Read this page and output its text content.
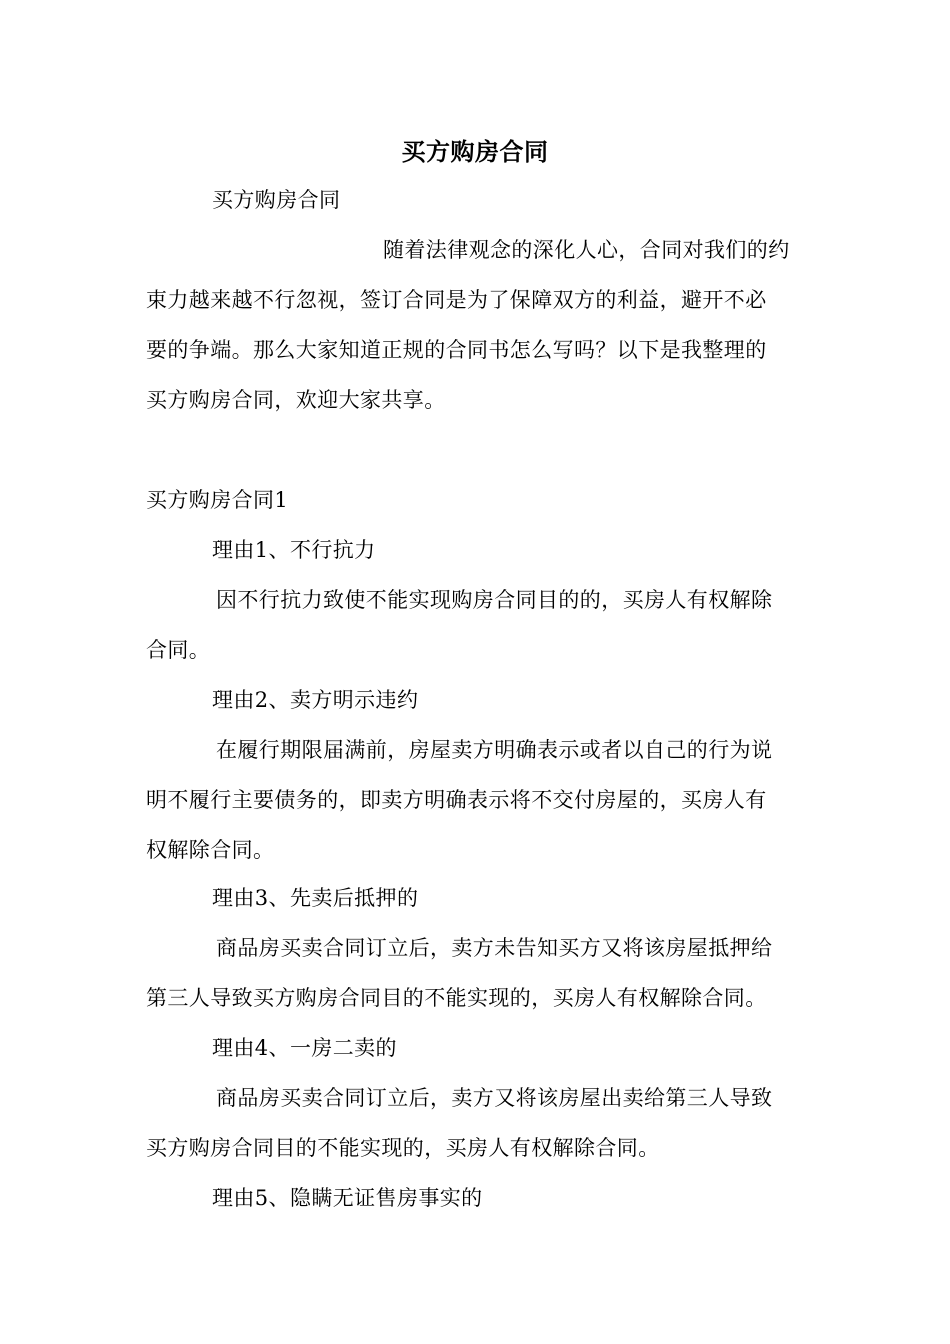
买方购房合同
买方购房合同
随着法律观念的深化人心，合同对我们的约
束力越来越不行忽视，签订合同是为了保障双方的利益，避开不必
要的争端。那么大家知道正规的合同书怎么写吗？以下是我整理的
买方购房合同，欢迎大家共享。
买方购房合同1
理由1、不行抗力
因不行抗力致使不能实现购房合同目的的，买房人有权解除
合同。
理由2、卖方明示违约
在履行期限届满前，房屋卖方明确表示或者以自己的行为说
明不履行主要债务的，即卖方明确表示将不交付房屋的，买房人有
权解除合同。
理由3、先卖后抵押的
商品房买卖合同订立后，卖方未告知买方又将该房屋抵押给
第三人导致买方购房合同目的不能实现的，买房人有权解除合同。
理由4、一房二卖的
商品房买卖合同订立后，卖方又将该房屋出卖给第三人导致
买方购房合同目的不能实现的，买房人有权解除合同。
理由5、隐瞒无证售房事实的
